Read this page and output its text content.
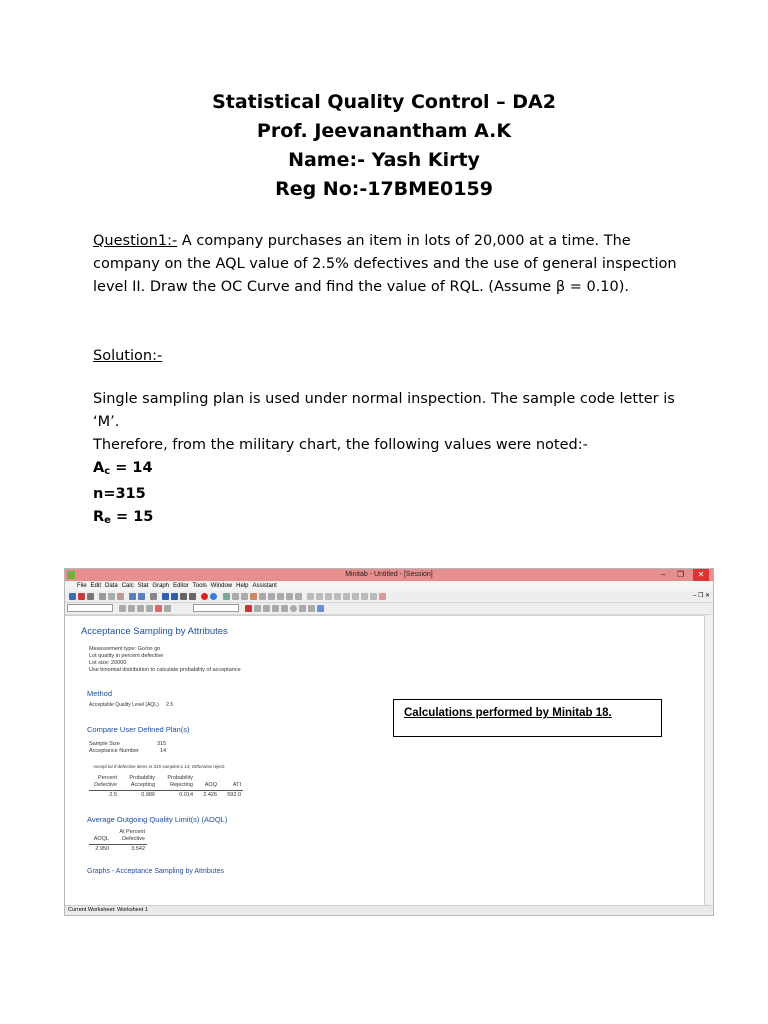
Statistical Quality Control – DA2
Prof. Jeevanantham A.K
Name:- Yash Kirty
Reg No:-17BME0159
Question1:- A company purchases an item in lots of 20,000 at a time. The company on the AQL value of 2.5% defectives and the use of general inspection level II. Draw the OC Curve and find the value of RQL. (Assume β = 0.10).
Solution:-

Single sampling plan is used under normal inspection. The sample code letter is ‘M’.

Therefore, from the military chart, the following values were noted:-

$A_c = 14$

n=315

$R_e = 15$

Minitab - Untitled - [Session]	– ❐	✕
File Edit Data Calc Stat Graph Editor Tools Window Help Assistant
– ❐ ✕
Acceptance Sampling by Attributes
Measurement type: Go/no go
Lot quality in percent defective
Lot size: 20000
Use binomial distribution to calculate probability of acceptance
Method
Acceptable Quality Level (AQL) 2.5
Compare User Defined Plan(s)
Sample Size	315
Acceptance Number	14
Accept lot if defective items in 315 sampled ≤ 14; Otherwise reject.
Percent	Probability	Probability
Defective	Accepting	Rejecting	AOQ	ATI
2.5	0.986	0.014	2.426	592.0
Average Outgoing Quality Limit(s) (AOQL)
At Percent
AOQL	Defective
2.950	3.542
Graphs - Acceptance Sampling by Attributes
Current Worksheet: Worksheet 1
Calculations performed by Minitab 18.
